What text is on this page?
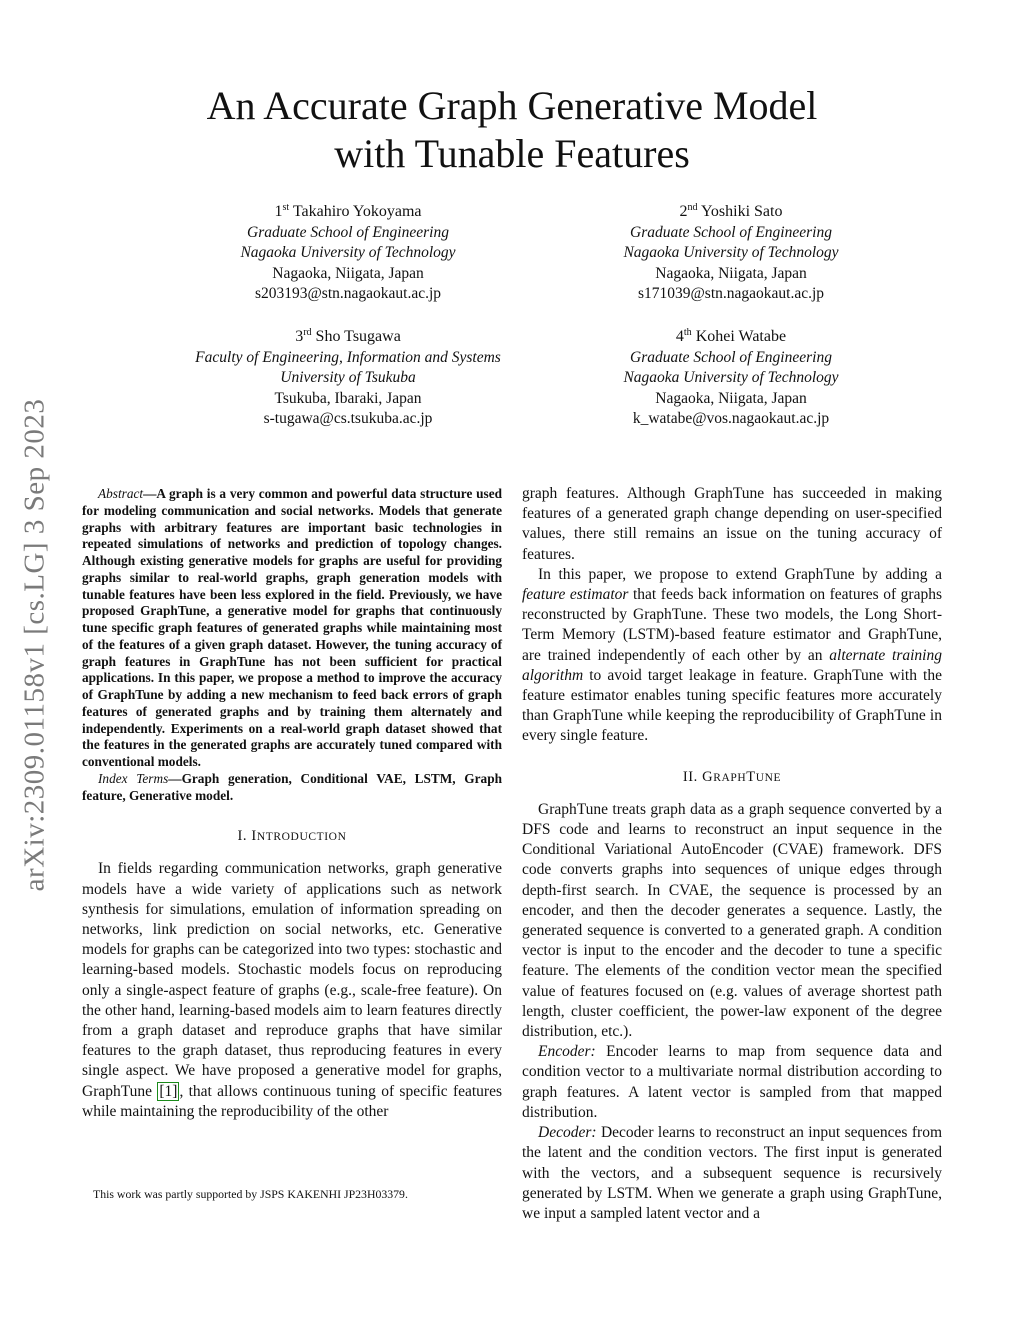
arXiv:2309.01158v1 [cs.LG] 3 Sep 2023
An Accurate Graph Generative Model
with Tunable Features
1st Takahiro Yokoyama
Graduate School of Engineering
Nagaoka University of Technology
Nagaoka, Niigata, Japan
s203193@stn.nagaokaut.ac.jp
2nd Yoshiki Sato
Graduate School of Engineering
Nagaoka University of Technology
Nagaoka, Niigata, Japan
s171039@stn.nagaokaut.ac.jp
3rd Sho Tsugawa
Faculty of Engineering, Information and Systems
University of Tsukuba
Tsukuba, Ibaraki, Japan
s-tugawa@cs.tsukuba.ac.jp
4th Kohei Watabe
Graduate School of Engineering
Nagaoka University of Technology
Nagaoka, Niigata, Japan
k_watabe@vos.nagaokaut.ac.jp

Abstract—A graph is a very common and powerful data structure used for modeling communication and social networks. Models that generate graphs with arbitrary features are important basic technologies in repeated simulations of networks and prediction of topology changes. Although existing generative models for graphs are useful for providing graphs similar to real-world graphs, graph generation models with tunable features have been less explored in the field. Previously, we have proposed GraphTune, a generative model for graphs that continuously tune specific graph features of generated graphs while maintaining most of the features of a given graph dataset. However, the tuning accuracy of graph features in GraphTune has not been sufficient for practical applications. In this paper, we propose a method to improve the accuracy of GraphTune by adding a new mechanism to feed back errors of graph features of generated graphs and by training them alternately and independently. Experiments on a real-world graph dataset showed that the features in the generated graphs are accurately tuned compared with conventional models.

Index Terms—Graph generation, Conditional VAE, LSTM, Graph feature, Generative model.

I. INTRODUCTION

In fields regarding communication networks, graph generative models have a wide variety of applications such as network synthesis for simulations, emulation of information spreading on networks, link prediction on social networks, etc. Generative models for graphs can be categorized into two types: stochastic and learning-based models. Stochastic models focus on reproducing only a single-aspect feature of graphs (e.g., scale-free feature). On the other hand, learning-based models aim to learn features directly from a graph dataset and reproduce graphs that have similar features to the graph dataset, thus reproducing features in every single aspect. We have proposed a generative model for graphs, GraphTune [1] , that allows continuous tuning of specific features while maintaining the reproducibility of the other

This work was partly supported by JSPS KAKENHI JP23H03379.

graph features. Although GraphTune has succeeded in making features of a generated graph change depending on user-specified values, there still remains an issue on the tuning accuracy of features.

In this paper, we propose to extend GraphTune by adding a feature estimator that feeds back information on features of graphs reconstructed by GraphTune. These two models, the Long Short-Term Memory (LSTM)-based feature estimator and GraphTune, are trained independently of each other by an alternate training algorithm to avoid target leakage in feature. GraphTune with the feature estimator enables tuning specific features more accurately than GraphTune while keeping the reproducibility of GraphTune in every single feature.

II. GRAPHTUNE

GraphTune treats graph data as a graph sequence converted by a DFS code and learns to reconstruct an input sequence in the Conditional Variational AutoEncoder (CVAE) framework. DFS code converts graphs into sequences of unique edges through depth-first search. In CVAE, the sequence is processed by an encoder, and then the decoder generates a sequence. Lastly, the generated sequence is converted to a generated graph. A condition vector is input to the encoder and the decoder to tune a specific feature. The elements of the condition vector mean the specified value of features focused on (e.g. values of average shortest path length, cluster coefficient, the power-law exponent of the degree distribution, etc.).

Encoder: Encoder learns to map from sequence data and condition vector to a multivariate normal distribution according to graph features. A latent vector is sampled from that mapped distribution.

Decoder: Decoder learns to reconstruct an input sequences from the latent and the condition vectors. The first input is generated with the vectors, and a subsequent sequence is recursively generated by LSTM. When we generate a graph using GraphTune, we input a sampled latent vector and a
